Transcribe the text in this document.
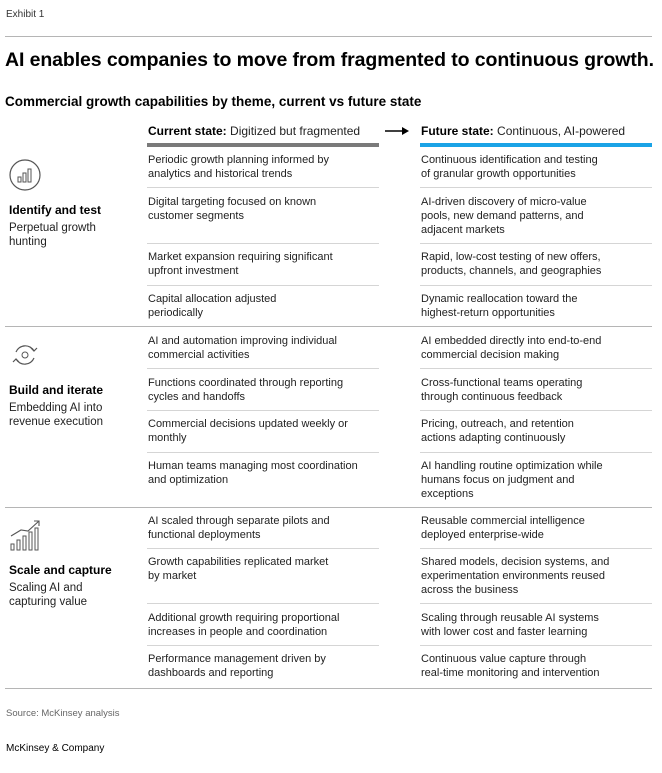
Exhibit 1
AI enables companies to move from fragmented to continuous growth.
Commercial growth capabilities by theme, current vs future state
Current state: Digitized but fragmented	Future state: Continuous, AI-powered
Identify and test
Perpetual growth
hunting
Periodic growth planning informed by
analytics and historical trends
Continuous identification and testing
of granular growth opportunities
Digital targeting focused on known
customer segments
AI-driven discovery of micro-value
pools, new demand patterns, and
adjacent markets
Market expansion requiring significant
upfront investment
Rapid, low-cost testing of new offers,
products, channels, and geographies
Capital allocation adjusted
periodically
Dynamic reallocation toward the
highest-return opportunities
Build and iterate
Embedding AI into
revenue execution
AI and automation improving individual
commercial activities
AI embedded directly into end-to-end
commercial decision making
Functions coordinated through reporting
cycles and handoffs
Cross-functional teams operating
through continuous feedback
Commercial decisions updated weekly or
monthly
Pricing, outreach, and retention
actions adapting continuously
Human teams managing most coordination
and optimization
AI handling routine optimization while
humans focus on judgment and
exceptions
Scale and capture
Scaling AI and
capturing value
AI scaled through separate pilots and
functional deployments
Reusable commercial intelligence
deployed enterprise-wide
Growth capabilities replicated market
by market
Shared models, decision systems, and
experimentation environments reused
across the business
Additional growth requiring proportional
increases in people and coordination
Scaling through reusable AI systems
with lower cost and faster learning
Performance management driven by
dashboards and reporting
Continuous value capture through
real-time monitoring and intervention
Source: McKinsey analysis
McKinsey & Company
